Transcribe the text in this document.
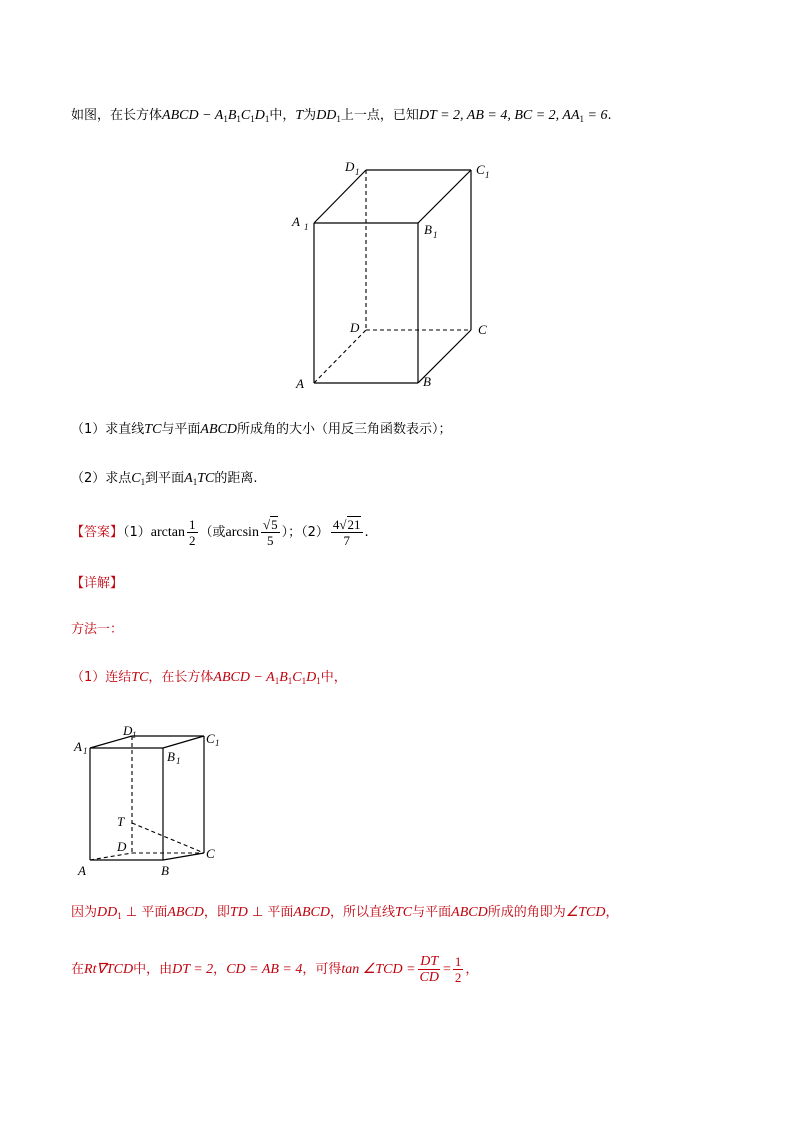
如图，在长方体ABCD − $A_1B_1C_1D_1$中，T为$DD_1$上一点，已知DT = 2, AB = 4, BC = 2, $AA_1 = 6$.
A	B
C
D
A 1	B 1
C 1
D 1
（1）求直线TC与平面ABCD所成角的大小（用反三角函数表示）；
（2）求点$C_1$到平面$A_1TC$的距离.
【答案】$(1)\arctan \frac{1}{2}$ （或$\arcsin \frac{√5}{5}$ ）；$(2) \frac{4√21}{7}$ .
【详解】
方法一：
（1）连结TC，在长方体ABCD − $A_1B_1C_1D_1$中，
A	B
C
D
T
A 1	B 1
C 1
D 1
因为$DD_1$ ⊥ 平面ABCD，即TD ⊥ 平面ABCD，所以直线TC与平面ABCD所成的角即为∠TCD，
在Rt∇TCD中，由DT = 2，CD = AB = 4，可得tan ∠TCD = $\frac{DT}{CD} = \frac{1}{2}$ ，
